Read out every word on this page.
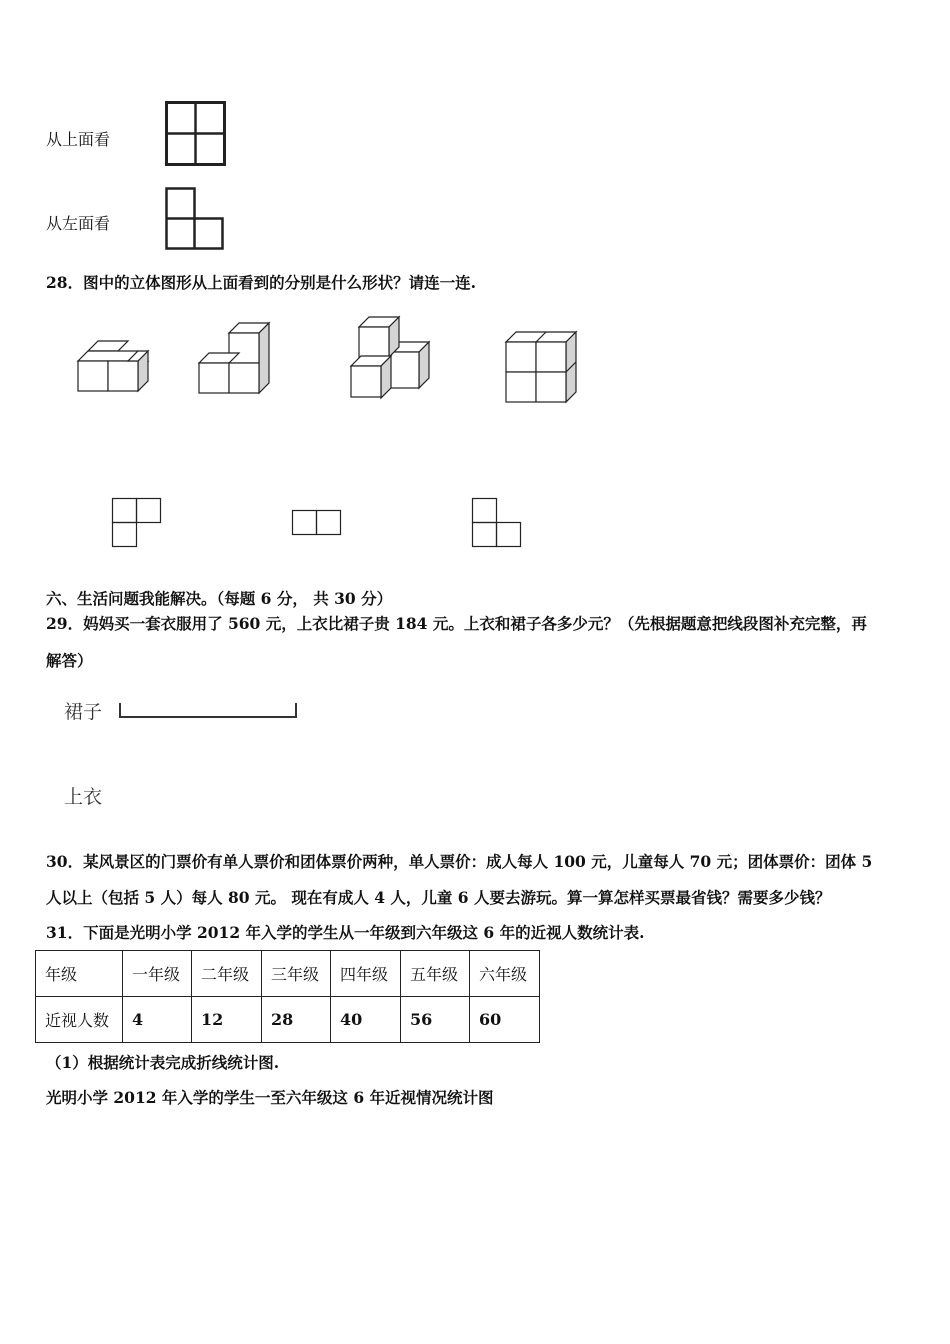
从上面看
从左面看
28．图中的立体图形从上面看到的分别是什么形状？请连一连.
六、生活问题我能解决。（每题 6 分， 共 30 分）
29．妈妈买一套衣服用了 560 元，上衣比裙子贵 184 元。上衣和裙子各多少元？（先根据题意把线段图补充完整，再
解答）
裙子
上衣
30．某风景区的门票价有单人票价和团体票价两种，单人票价：成人每人 100 元，儿童每人 70 元；团体票价：团体 5
人以上（包括 5 人）每人 80 元。 现在有成人 4 人，儿童 6 人要去游玩。算一算怎样买票最省钱？需要多少钱？
31．下面是光明小学 2012 年入学的学生从一年级到六年级这 6 年的近视人数统计表.
年级	一年级	二年级	三年级	四年级	五年级	六年级
近视人数	4	12	28	40	56	60
（1）根据统计表完成折线统计图.
光明小学 2012 年入学的学生一至六年级这 6 年近视情况统计图
